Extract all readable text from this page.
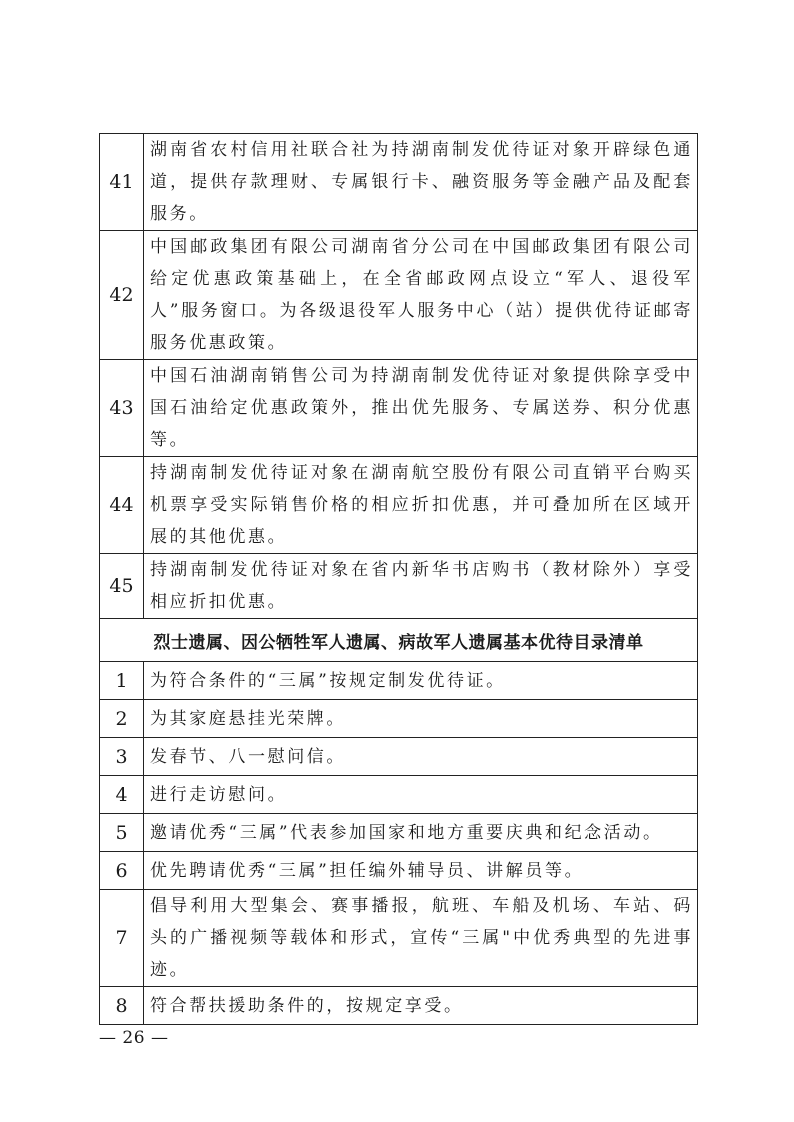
41	湖南省农村信用社联合社为持湖南制发优待证对象开辟绿色通道，提供存款理财、专属银行卡、融资服务等金融产品及配套服务。
42	中国邮政集团有限公司湖南省分公司在中国邮政集团有限公司给定优惠政策基础上，在全省邮政网点设立“军人、退役军人”服务窗口。为各级退役军人服务中心（站）提供优待证邮寄服务优惠政策。
43	中国石油湖南销售公司为持湖南制发优待证对象提供除享受中国石油给定优惠政策外，推出优先服务、专属送券、积分优惠等。
44	持湖南制发优待证对象在湖南航空股份有限公司直销平台购买机票享受实际销售价格的相应折扣优惠，并可叠加所在区域开展的其他优惠。
45	持湖南制发优待证对象在省内新华书店购书（教材除外）享受相应折扣优惠。
烈士遗属、因公牺牲军人遗属、病故军人遗属基本优待目录清单	
1	为符合条件的“三属”按规定制发优待证。
2	为其家庭悬挂光荣牌。
3	发春节、八一慰问信。
4	进行走访慰问。
5	邀请优秀“三属”代表参加国家和地方重要庆典和纪念活动。
6	优先聘请优秀“三属”担任编外辅导员、讲解员等。
7	倡导利用大型集会、赛事播报，航班、车船及机场、车站、码头的广播视频等载体和形式，宣传“三属"中优秀典型的先进事迹。
8	符合帮扶援助条件的，按规定享受。
— 26 —
